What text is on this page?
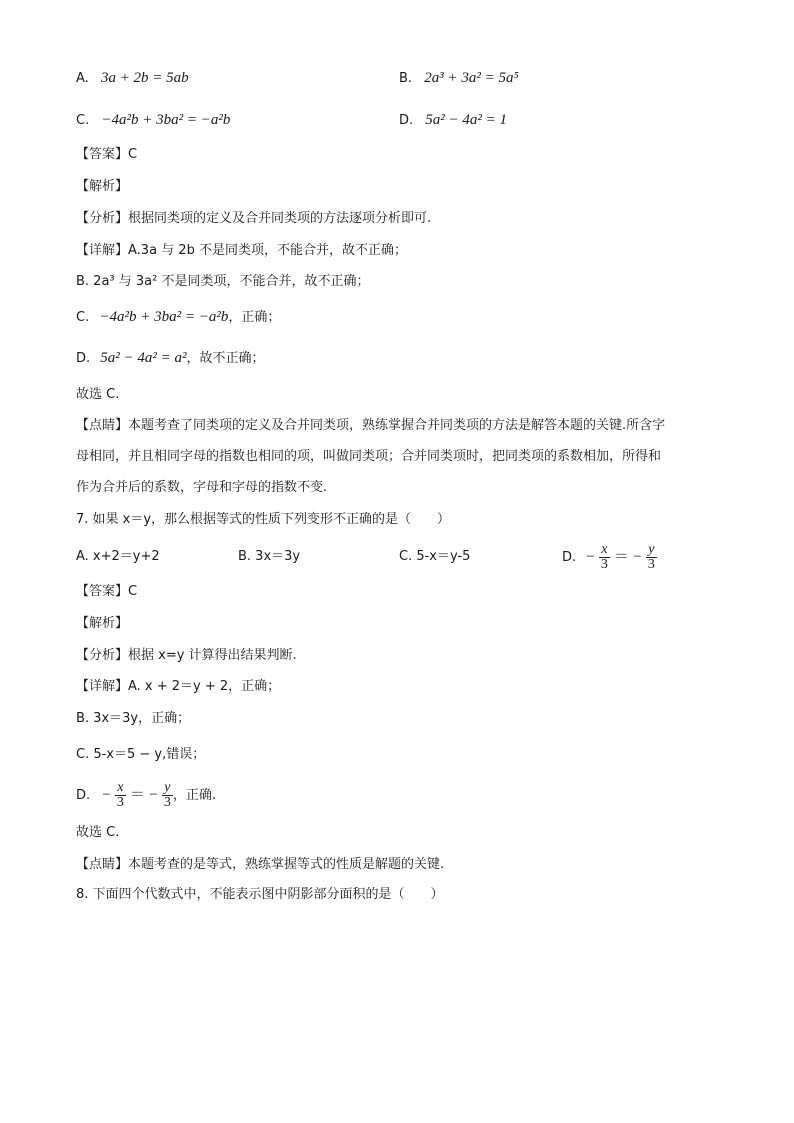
A. 3a + 2b = 5ab	B. 2a³ + 3a² = 5a⁵
C. −4a²b + 3ba² = −a²b	D. 5a² − 4a² = 1
【答案】C
【解析】
【分析】根据同类项的定义及合并同类项的方法逐项分析即可.
【详解】A.3a 与 2b 不是同类项，不能合并，故不正确；
B. 2a³ 与 3a² 不是同类项，不能合并，故不正确；
C. −4a²b + 3ba² = −a²b，正确；
D. 5a² − 4a² = a²，故不正确；
故选 C.
【点睛】本题考查了同类项的定义及合并同类项，熟练掌握合并同类项的方法是解答本题的关键.所含字
母相同，并且相同字母的指数也相同的项，叫做同类项；合并同类项时，把同类项的系数相加，所得和
作为合并后的系数，字母和字母的指数不变.
7. 如果 x＝y，那么根据等式的性质下列变形不正确的是（　　）
A. x+2＝y+2	B. 3x＝3y	C. 5-x＝y-5	D. − $\frac{x}{3}$ ＝ − $\frac{y}{3}$
【答案】C
【解析】
【分析】根据 x=y 计算得出结果判断.
【详解】A. x + 2＝y + 2，正确；
B. 3x＝3y，正确；
C. 5-x＝5 − y,错误；
D. − $\frac{x}{3}$ ＝ − $\frac{y}{3}$ ，正确.
故选 C.
【点睛】本题考查的是等式，熟练掌握等式的性质是解题的关键.
8. 下面四个代数式中，不能表示图中阴影部分面积的是（　　）
